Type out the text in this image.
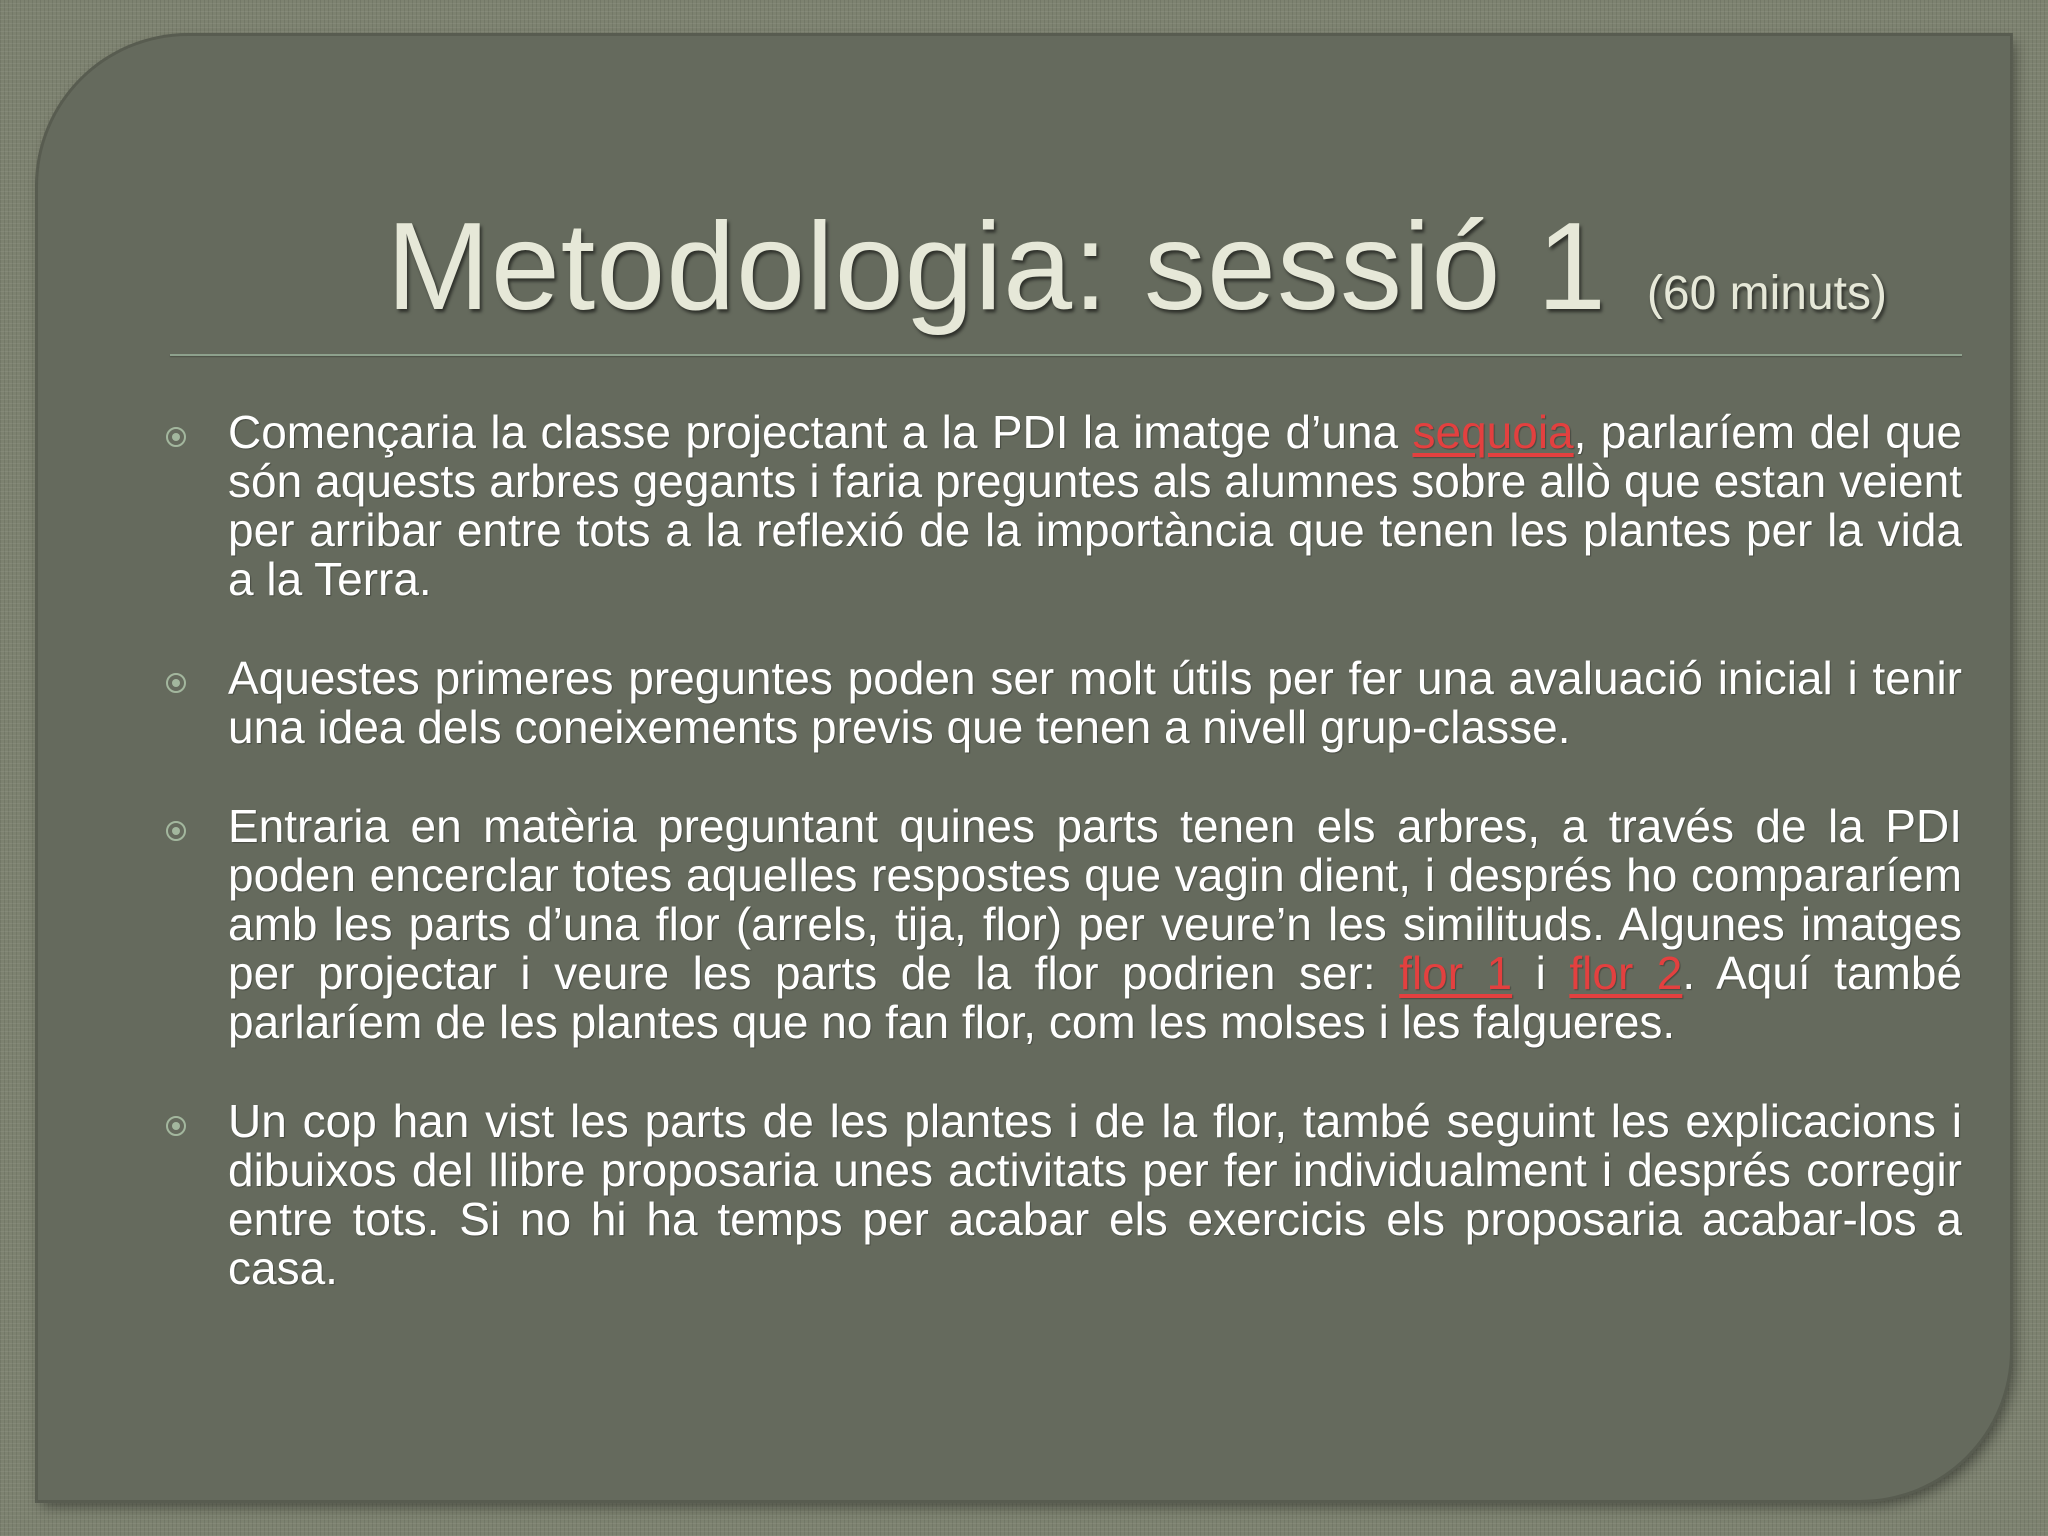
Metodologia: sessió 1 (60 minuts)
Començaria la classe projectant a la PDI la imatge d’una sequoia, parlaríem del que són aquests arbres gegants i faria preguntes als alumnes sobre allò que estan veient per arribar entre tots a la reflexió de la importància que tenen les plantes per la vida a la Terra.
Aquestes primeres preguntes poden ser molt útils per fer una avaluació inicial i tenir una idea dels coneixements previs que tenen a nivell grup-classe.
Entraria en matèria preguntant quines parts tenen els arbres, a través de la PDI poden encerclar totes aquelles respostes que vagin dient, i després ho compararíem amb les parts d’una flor (arrels, tija, flor) per veure’n les similituds. Algunes imatges per projectar i veure les parts de la flor podrien ser: flor 1 i flor 2. Aquí també parlaríem de les plantes que no fan flor, com les molses i les falgueres.
Un cop han vist les parts de les plantes i de la flor, també seguint les explicacions i dibuixos del llibre proposaria unes activitats per fer individualment i després corregir entre tots. Si no hi ha temps per acabar els exercicis els proposaria acabar-los a casa.
